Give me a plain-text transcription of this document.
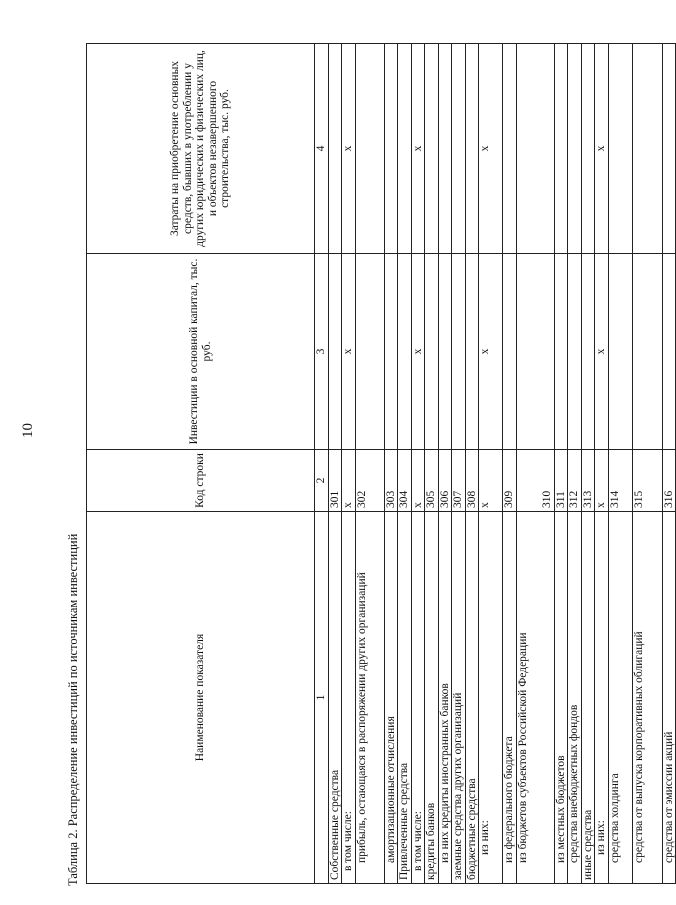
10
Таблица 2. Распределение инвестиций по источникам инвестиций	Наименование показателя	Код строки	Инвестиции в основной капитал, тыс. руб.	Затраты на приобретение основных средств, бывших в употреблении у других юридических и физических лиц, и объектов незавершенного строительства, тыс. руб.
1	2	3	4
Собственные средства	301		
в том числе:	х	х	х
прибыль, остающаяся в распоряжении других организаций	302		
амортизационные отчисления	303		
Привлеченные средства	304		
в том числе:	х	х	х
кредиты банков	305		
из них кредиты иностранных банков	306		
заемные средства других организаций	307		
бюджетные средства	308		
из них:	х	х	х
из федерального бюджета	309		
из бюджетов субъектов Российской Федерации	310		
из местных бюджетов	311		
средства внебюджетных фондов	312		
иные средства	313		
из них:	х	х	х
средства холдинга	314		
средства от выпуска корпоративных облигаций	315		
средства от эмиссии акций	316		
